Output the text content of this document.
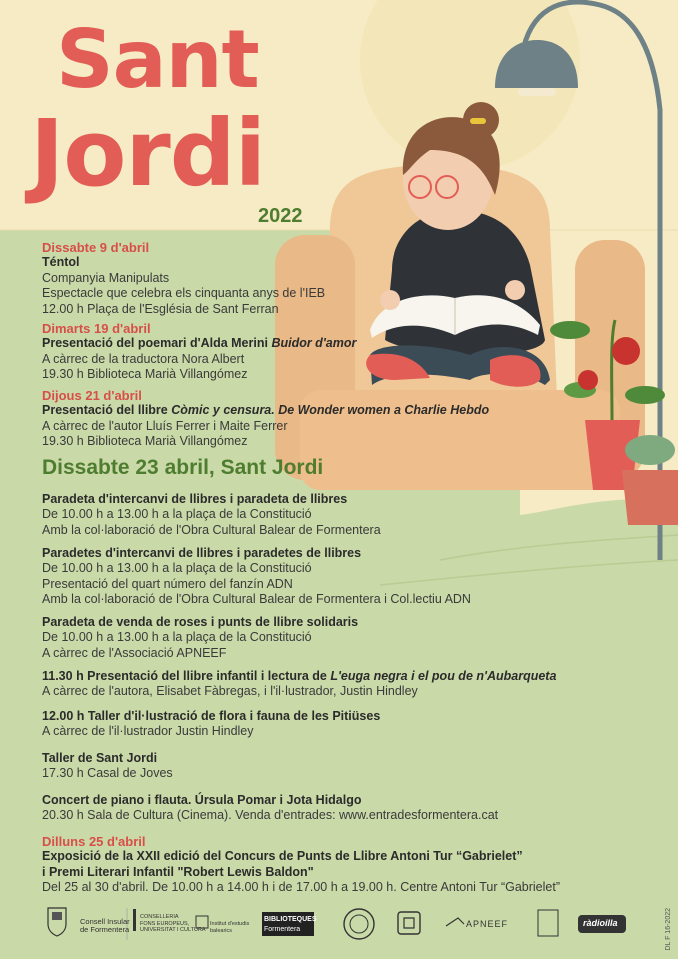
Sant
Jordi
2022
Dissabte 9 d'abril
Téntol
Companyia Manipulats
Espectacle que celebra els cinquanta anys de l'IEB
12.00 h Plaça de l'Església de Sant Ferran
Dimarts 19 d'abril
Presentació del poemari d'Alda Merini Buidor d'amor
A càrrec de la traductora Nora Albert
19.30 h Biblioteca Marià Villangómez
Dijous 21 d'abril
Presentació del llibre Còmic y censura. De Wonder women a Charlie Hebdo
A càrrec de l'autor Lluís Ferrer i Maite Ferrer
19.30 h Biblioteca Marià Villangómez
Dissabte 23 abril, Sant Jordi
Paradeta d'intercanvi de llibres i paradeta de llibres
De 10.00 h a 13.00 h a la plaça de la Constitució
Amb la col·laboració de l'Obra Cultural Balear de Formentera
Paradetes d'intercanvi de llibres i paradetes de llibres
De 10.00 h a 13.00 h a la plaça de la Constitució
Presentació del quart número del fanzín ADN
Amb la col·laboració de l'Obra Cultural Balear de Formentera i Col.lectiu ADN
Paradeta de venda de roses i punts de llibre solidaris
De 10.00 h a 13.00 h a la plaça de la Constitució
A càrrec de l'Associació APNEEF
11.30 h Presentació del llibre infantil i lectura de L'euga negra i el pou de n'Aubarqueta
A càrrec de l'autora, Elisabet Fàbregas, i l'il·lustrador, Justin Hindley
12.00 h Taller d'il·lustració de flora i fauna de les Pitiüses
A càrrec de l'il·lustrador Justin Hindley
Taller de Sant Jordi
17.30 h Casal de Joves
Concert de piano i flauta. Úrsula Pomar i Jota Hidalgo
20.30 h Sala de Cultura (Cinema). Venda d'entrades: www.entradesformentera.cat
Dilluns 25 d'abril
Exposició de la XXII edició del Concurs de Punts de Llibre Antoni Tur “Gabrielet”
i Premi Literari Infantil "Robert Lewis Baldon"
Del 25 al 30 d'abril. De 10.00 h a 14.00 h i de 17.00 h a 19.00 h. Centre Antoni Tur “Gabrielet”
Consell Insular
de Formentera
CONSELLERIA
FONS EUROPEUS,
UNIVERSITAT I CULTURA
Institut d'estudis
balearics
BIBLIOTEQUES
Formentera
APNEEF	ràdioilla	DL F 16-2022
